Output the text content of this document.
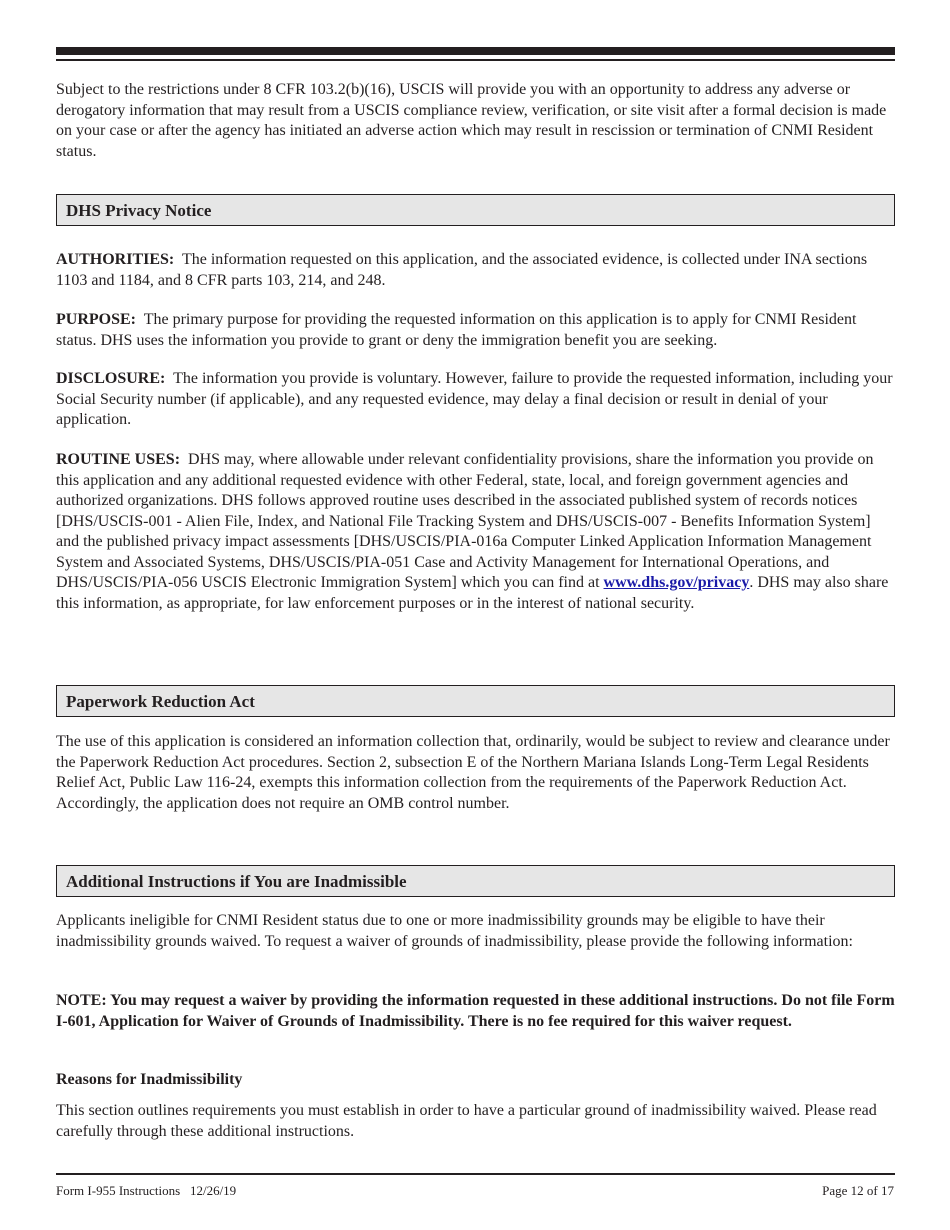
Subject to the restrictions under 8 CFR 103.2(b)(16), USCIS will provide you with an opportunity to address any adverse or derogatory information that may result from a USCIS compliance review, verification, or site visit after a formal decision is made on your case or after the agency has initiated an adverse action which may result in rescission or termination of CNMI Resident status.

DHS Privacy Notice

AUTHORITIES: The information requested on this application, and the associated evidence, is collected under INA sections 1103 and 1184, and 8 CFR parts 103, 214, and 248.

PURPOSE: The primary purpose for providing the requested information on this application is to apply for CNMI Resident status. DHS uses the information you provide to grant or deny the immigration benefit you are seeking.

DISCLOSURE: The information you provide is voluntary. However, failure to provide the requested information, including your Social Security number (if applicable), and any requested evidence, may delay a final decision or result in denial of your application.

ROUTINE USES: DHS may, where allowable under relevant confidentiality provisions, share the information you provide on this application and any additional requested evidence with other Federal, state, local, and foreign government agencies and authorized organizations. DHS follows approved routine uses described in the associated published system of records notices [DHS/USCIS-001 - Alien File, Index, and National File Tracking System and DHS/USCIS-007 - Benefits Information System] and the published privacy impact assessments [DHS/USCIS/PIA-016a Computer Linked Application Information Management System and Associated Systems, DHS/USCIS/PIA-051 Case and Activity Management for International Operations, and DHS/USCIS/PIA-056 USCIS Electronic Immigration System] which you can find at www.dhs.gov/privacy. DHS may also share this information, as appropriate, for law enforcement purposes or in the interest of national security.

Paperwork Reduction Act

The use of this application is considered an information collection that, ordinarily, would be subject to review and clearance under the Paperwork Reduction Act procedures. Section 2, subsection E of the Northern Mariana Islands Long-Term Legal Residents Relief Act, Public Law 116-24, exempts this information collection from the requirements of the Paperwork Reduction Act. Accordingly, the application does not require an OMB control number.

Additional Instructions if You are Inadmissible

Applicants ineligible for CNMI Resident status due to one or more inadmissibility grounds may be eligible to have their inadmissibility grounds waived. To request a waiver of grounds of inadmissibility, please provide the following information:

NOTE: You may request a waiver by providing the information requested in these additional instructions. Do not file Form I-601, Application for Waiver of Grounds of Inadmissibility. There is no fee required for this waiver request.

Reasons for Inadmissibility

This section outlines requirements you must establish in order to have a particular ground of inadmissibility waived. Please read carefully through these additional instructions.

Form I-955 Instructions   12/26/19	Page 12 of 17
